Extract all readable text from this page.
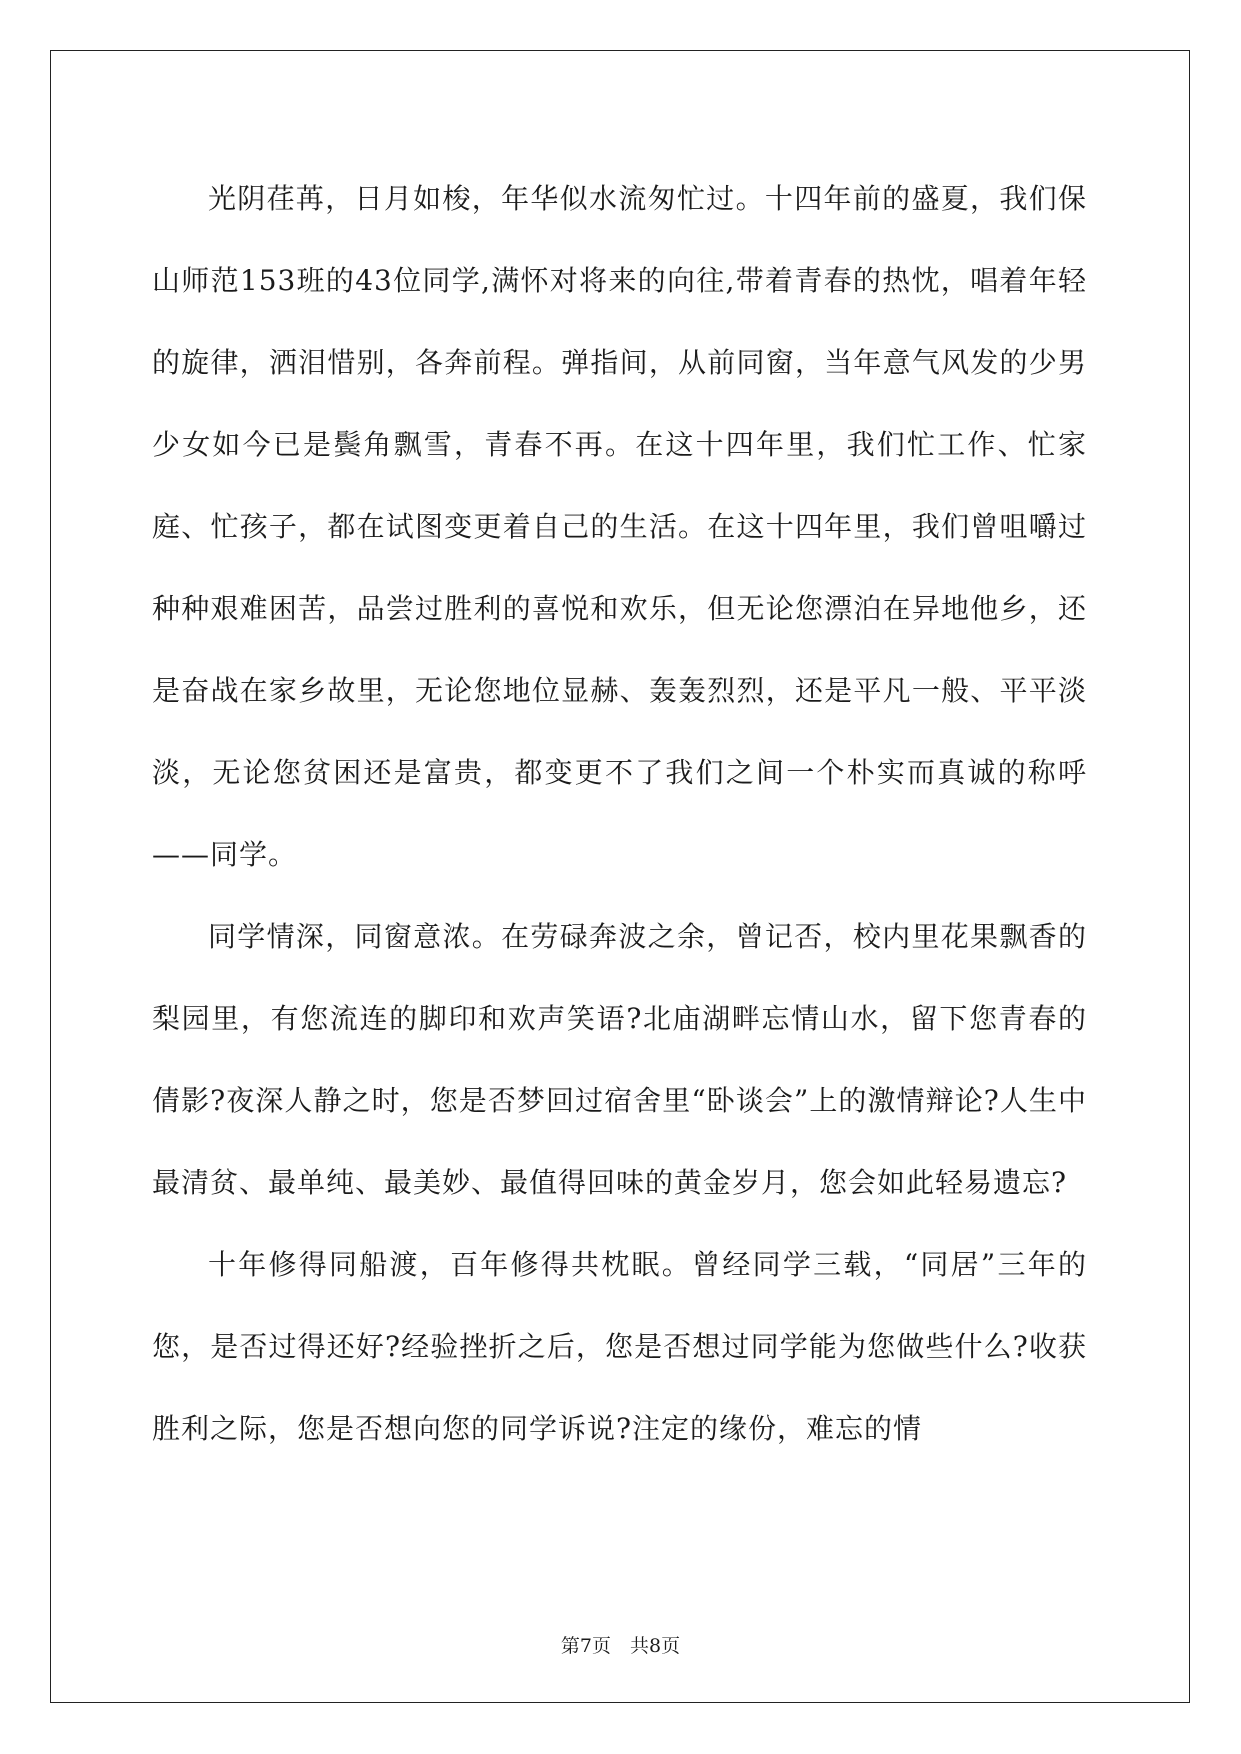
光阴荏苒，日月如梭，年华似水流匆忙过。十四年前的盛夏，我们保山师范153班的43位同学,满怀对将来的向往,带着青春的热忱，唱着年轻的旋律，洒泪惜别，各奔前程。弹指间，从前同窗，当年意气风发的少男少女如今已是鬓角飘雪，青春不再。在这十四年里，我们忙工作、忙家庭、忙孩子，都在试图变更着自己的生活。在这十四年里，我们曾咀嚼过种种艰难困苦，品尝过胜利的喜悦和欢乐，但无论您漂泊在异地他乡，还是奋战在家乡故里，无论您地位显赫、轰轰烈烈，还是平凡一般、平平淡淡，无论您贫困还是富贵，都变更不了我们之间一个朴实而真诚的称呼——同学。

同学情深，同窗意浓。在劳碌奔波之余，曾记否，校内里花果飘香的梨园里，有您流连的脚印和欢声笑语?北庙湖畔忘情山水，留下您青春的倩影?夜深人静之时，您是否梦回过宿舍里“卧谈会”上的激情辩论?人生中最清贫、最单纯、最美妙、最值得回味的黄金岁月，您会如此轻易遗忘?

十年修得同船渡，百年修得共枕眠。曾经同学三载，“同居”三年的您，是否过得还好?经验挫折之后，您是否想过同学能为您做些什么?收获胜利之际，您是否想向您的同学诉说?注定的缘份，难忘的情

第7页　共8页
